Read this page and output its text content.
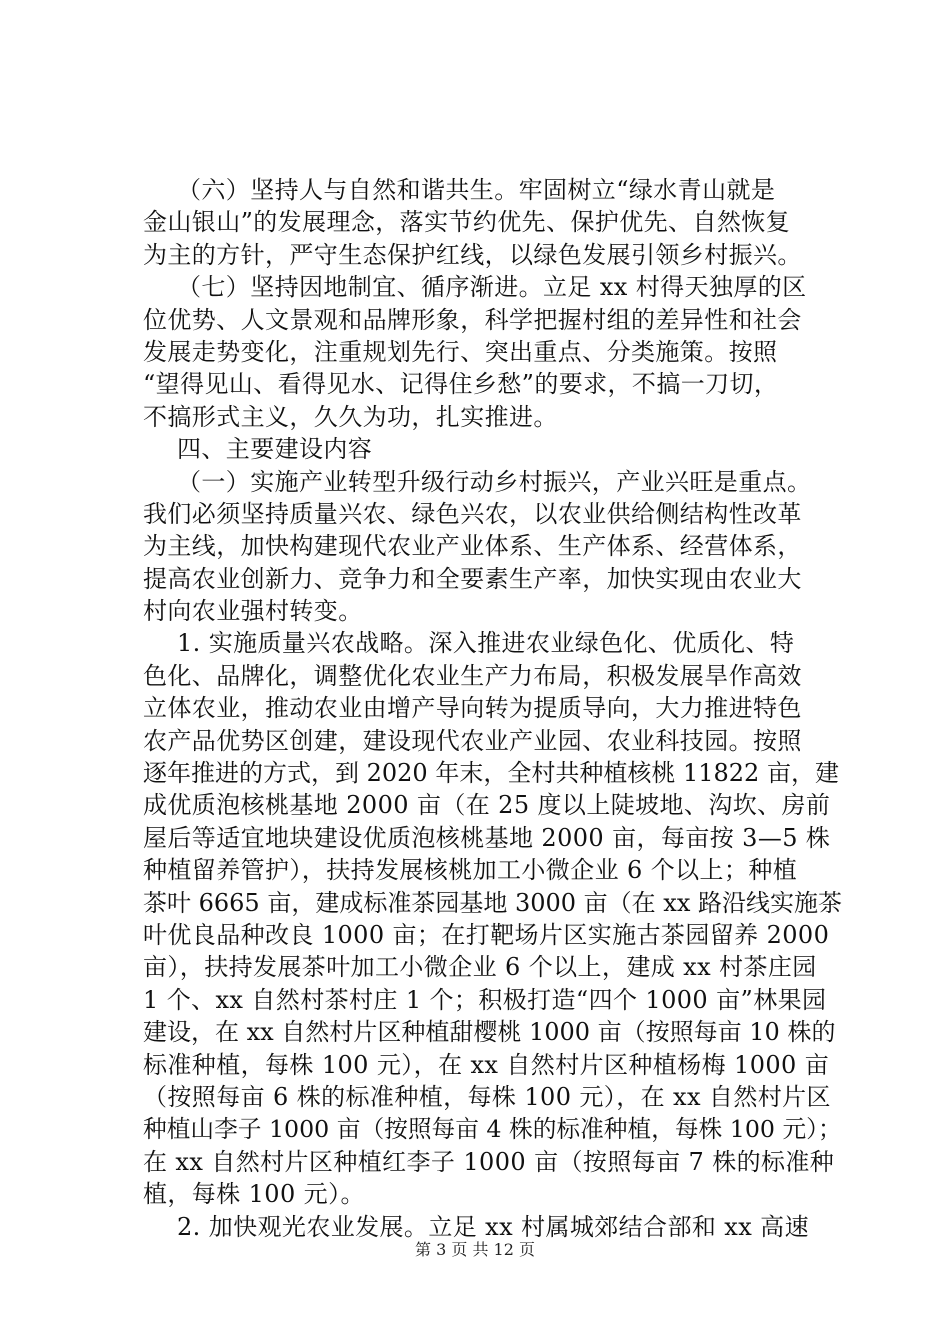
（六）坚持人与自然和谐共生。牢固树立“绿水青山就是
金山银山”的发展理念，落实节约优先、保护优先、自然恢复
为主的方针，严守生态保护红线，以绿色发展引领乡村振兴。
（七）坚持因地制宜、循序渐进。立足 xx 村得天独厚的区
位优势、人文景观和品牌形象，科学把握村组的差异性和社会
发展走势变化，注重规划先行、突出重点、分类施策。按照
“望得见山、看得见水、记得住乡愁”的要求，不搞一刀切，
不搞形式主义，久久为功，扎实推进。
四、主要建设内容
（一）实施产业转型升级行动乡村振兴，产业兴旺是重点。
我们必须坚持质量兴农、绿色兴农，以农业供给侧结构性改革
为主线，加快构建现代农业产业体系、生产体系、经营体系，
提高农业创新力、竞争力和全要素生产率，加快实现由农业大
村向农业强村转变。
1. 实施质量兴农战略。深入推进农业绿色化、优质化、特
色化、品牌化，调整优化农业生产力布局，积极发展旱作高效
立体农业，推动农业由增产导向转为提质导向，大力推进特色
农产品优势区创建，建设现代农业产业园、农业科技园。按照
逐年推进的方式，到 2020 年末，全村共种植核桃 11822 亩，建
成优质泡核桃基地 2000 亩（在 25 度以上陡坡地、沟坎、房前
屋后等适宜地块建设优质泡核桃基地 2000 亩，每亩按 3—5 株
种植留养管护），扶持发展核桃加工小微企业 6 个以上；种植
茶叶 6665 亩，建成标准茶园基地 3000 亩（在 xx 路沿线实施茶
叶优良品种改良 1000 亩；在打靶场片区实施古茶园留养 2000
亩），扶持发展茶叶加工小微企业 6 个以上，建成 xx 村茶庄园
1 个、xx 自然村茶村庄 1 个；积极打造“四个 1000 亩”林果园
建设，在 xx 自然村片区种植甜樱桃 1000 亩（按照每亩 10 株的
标准种植，每株 100 元），在 xx 自然村片区种植杨梅 1000 亩
（按照每亩 6 株的标准种植，每株 100 元），在 xx 自然村片区
种植山李子 1000 亩（按照每亩 4 株的标准种植，每株 100 元）；
在 xx 自然村片区种植红李子 1000 亩（按照每亩 7 株的标准种
植，每株 100 元）。
2. 加快观光农业发展。立足 xx 村属城郊结合部和 xx 高速
第 3 页 共 12 页
